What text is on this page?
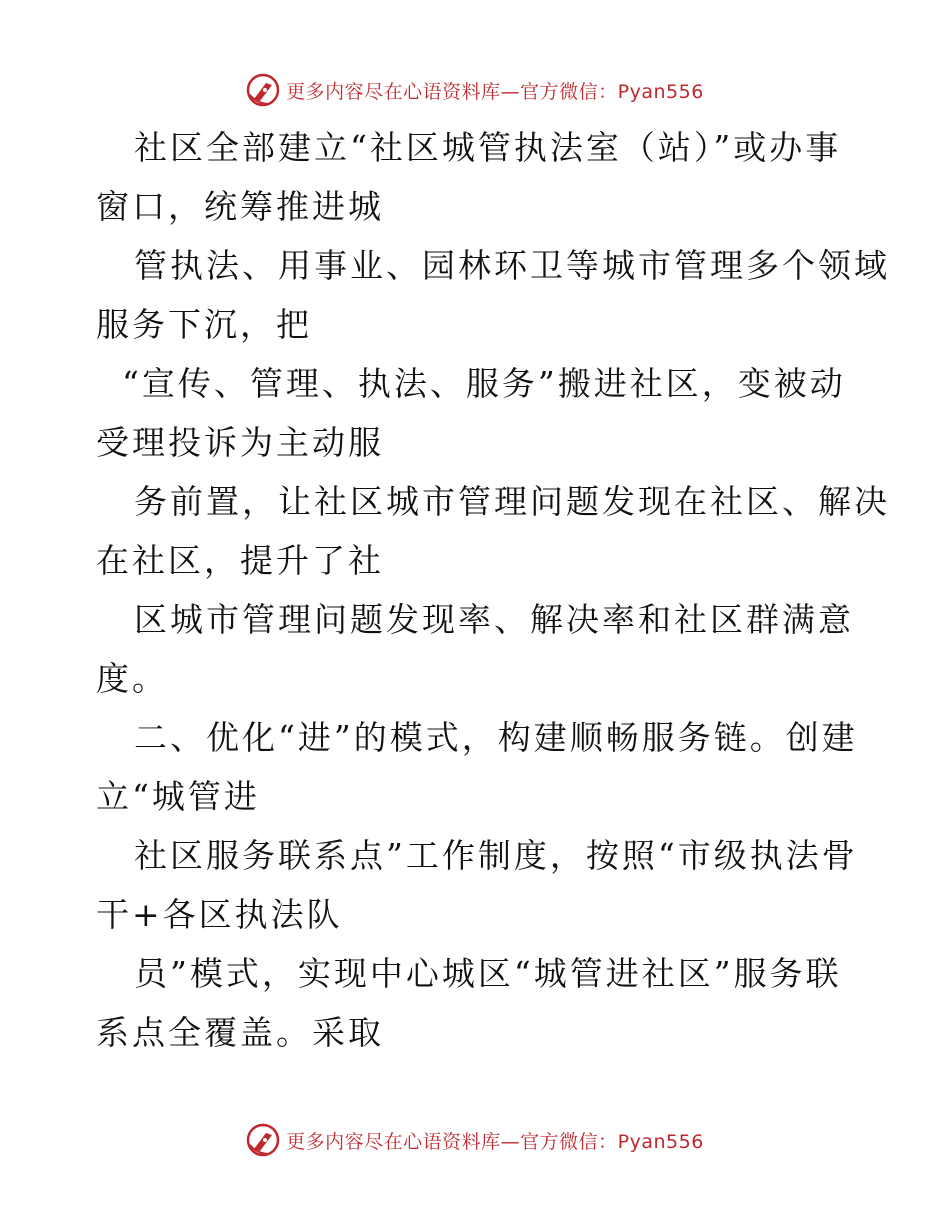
更多内容尽在心语资料库—官方微信：Pyan556
社区全部建立“社区城管执法室（站）”或办事
窗口，统筹推进城
管执法、用事业、园林环卫等城市管理多个领域
服务下沉，把
“宣传、管理、执法、服务”搬进社区，变被动
受理投诉为主动服
务前置，让社区城市管理问题发现在社区、解决
在社区，提升了社
区城市管理问题发现率、解决率和社区群满意
度。
二、优化“进”的模式，构建顺畅服务链。创建
立“城管进
社区服务联系点”工作制度，按照“市级执法骨
干+各区执法队
员”模式，实现中心城区“城管进社区”服务联
系点全覆盖。采取
更多内容尽在心语资料库—官方微信：Pyan556
